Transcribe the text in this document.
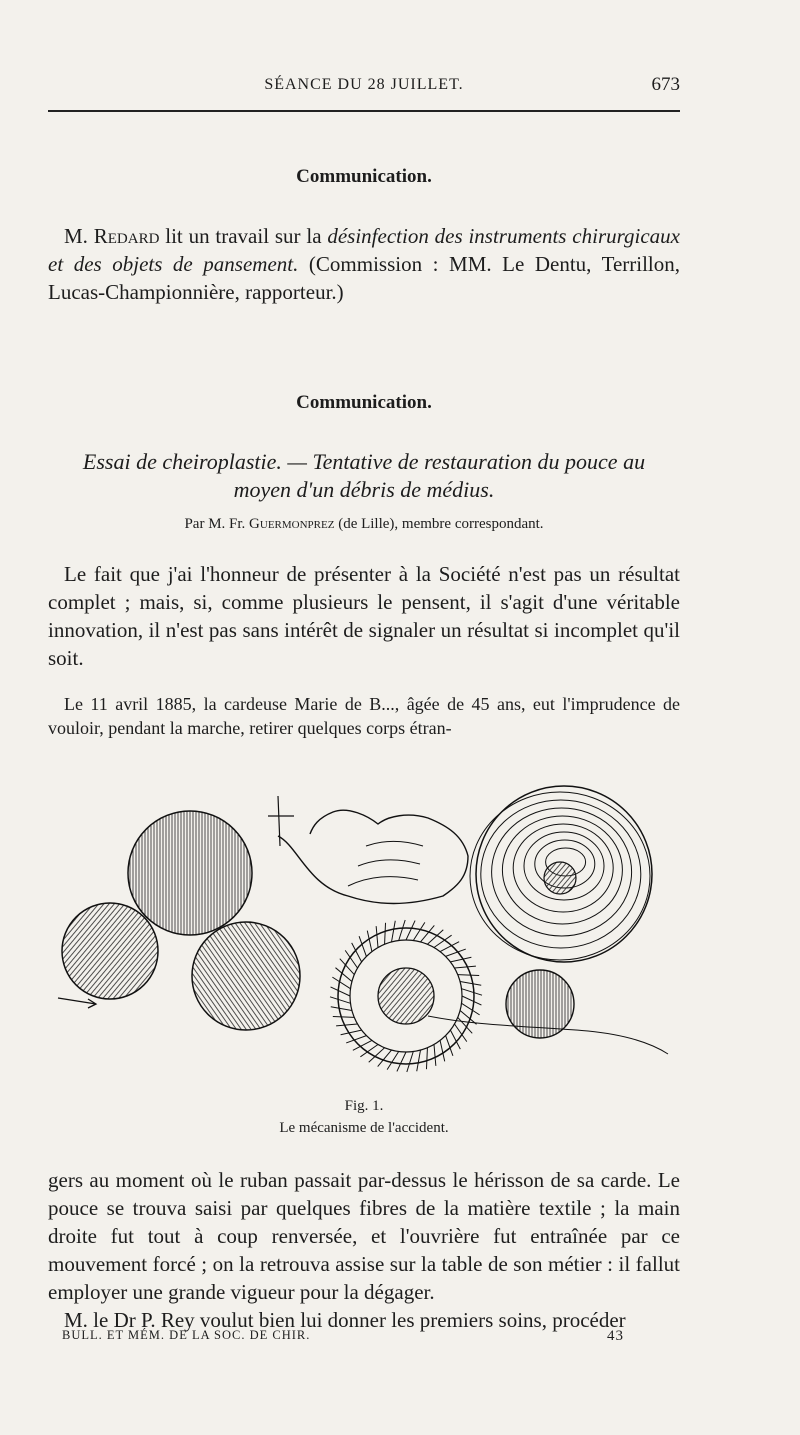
SÉANCE DU 28 JUILLET.	673
Communication.

M. Redard lit un travail sur la désinfection des instruments chirurgicaux et des objets de pansement. (Commission : MM. Le Dentu, Terrillon, Lucas-Championnière, rapporteur.)

Communication.
Essai de cheiroplastie. — Tentative de restauration du pouce au
moyen d'un débris de médius.
Par M. Fr. Guermonprez (de Lille), membre correspondant.

Le fait que j'ai l'honneur de présenter à la Société n'est pas un résultat complet ; mais, si, comme plusieurs le pensent, il s'agit d'une véritable innovation, il n'est pas sans intérêt de signaler un résultat si incomplet qu'il soit.

Le 11 avril 1885, la cardeuse Marie de B..., âgée de 45 ans, eut l'imprudence de vouloir, pendant la marche, retirer quelques corps étran-

Fig. 1.
Le mécanisme de l'accident.

gers au moment où le ruban passait par-dessus le hérisson de sa carde. Le pouce se trouva saisi par quelques fibres de la matière textile ; la main droite fut tout à coup renversée, et l'ouvrière fut entraînée par ce mouvement forcé ; on la retrouva assise sur la table de son métier : il fallut employer une grande vigueur pour la dégager.

M. le Dr P. Rey voulut bien lui donner les premiers soins, procéder

BULL. ET MÉM. DE LA SOC. DE CHIR.	43
